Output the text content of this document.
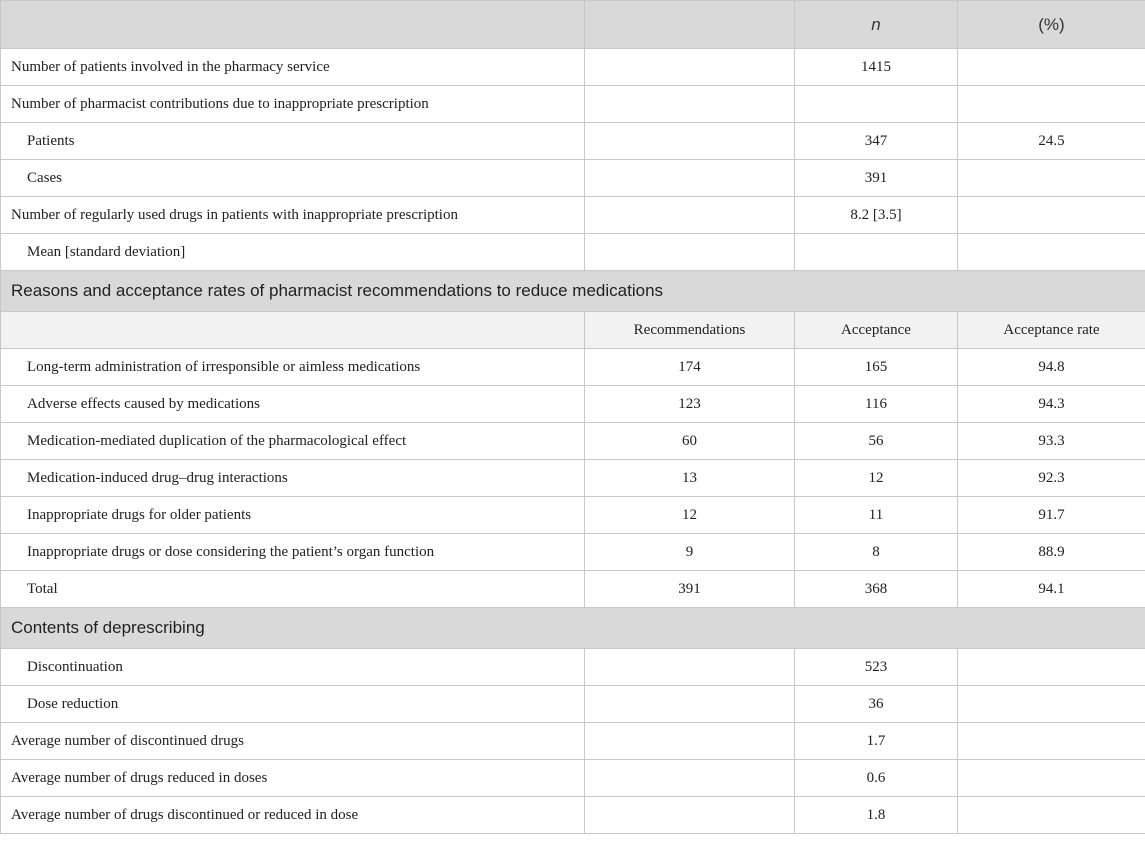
		n	(%)
Number of patients involved in the pharmacy service		1415	
Number of pharmacist contributions due to inappropriate prescription			
Patients		347	24.5
Cases		391	
Number of regularly used drugs in patients with inappropriate prescription		8.2 [3.5]	
Mean [standard deviation]			
Reasons and acceptance rates of pharmacist recommendations to reduce medications			
	Recommendations	Acceptance	Acceptance rate
Long-term administration of irresponsible or aimless medications	174	165	94.8
Adverse effects caused by medications	123	116	94.3
Medication-mediated duplication of the pharmacological effect	60	56	93.3
Medication-induced drug–drug interactions	13	12	92.3
Inappropriate drugs for older patients	12	11	91.7
Inappropriate drugs or dose considering the patient’s organ function	9	8	88.9
Total	391	368	94.1
Contents of deprescribing			
Discontinuation		523	
Dose reduction		36	
Average number of discontinued drugs		1.7	
Average number of drugs reduced in doses		0.6	
Average number of drugs discontinued or reduced in dose		1.8	
